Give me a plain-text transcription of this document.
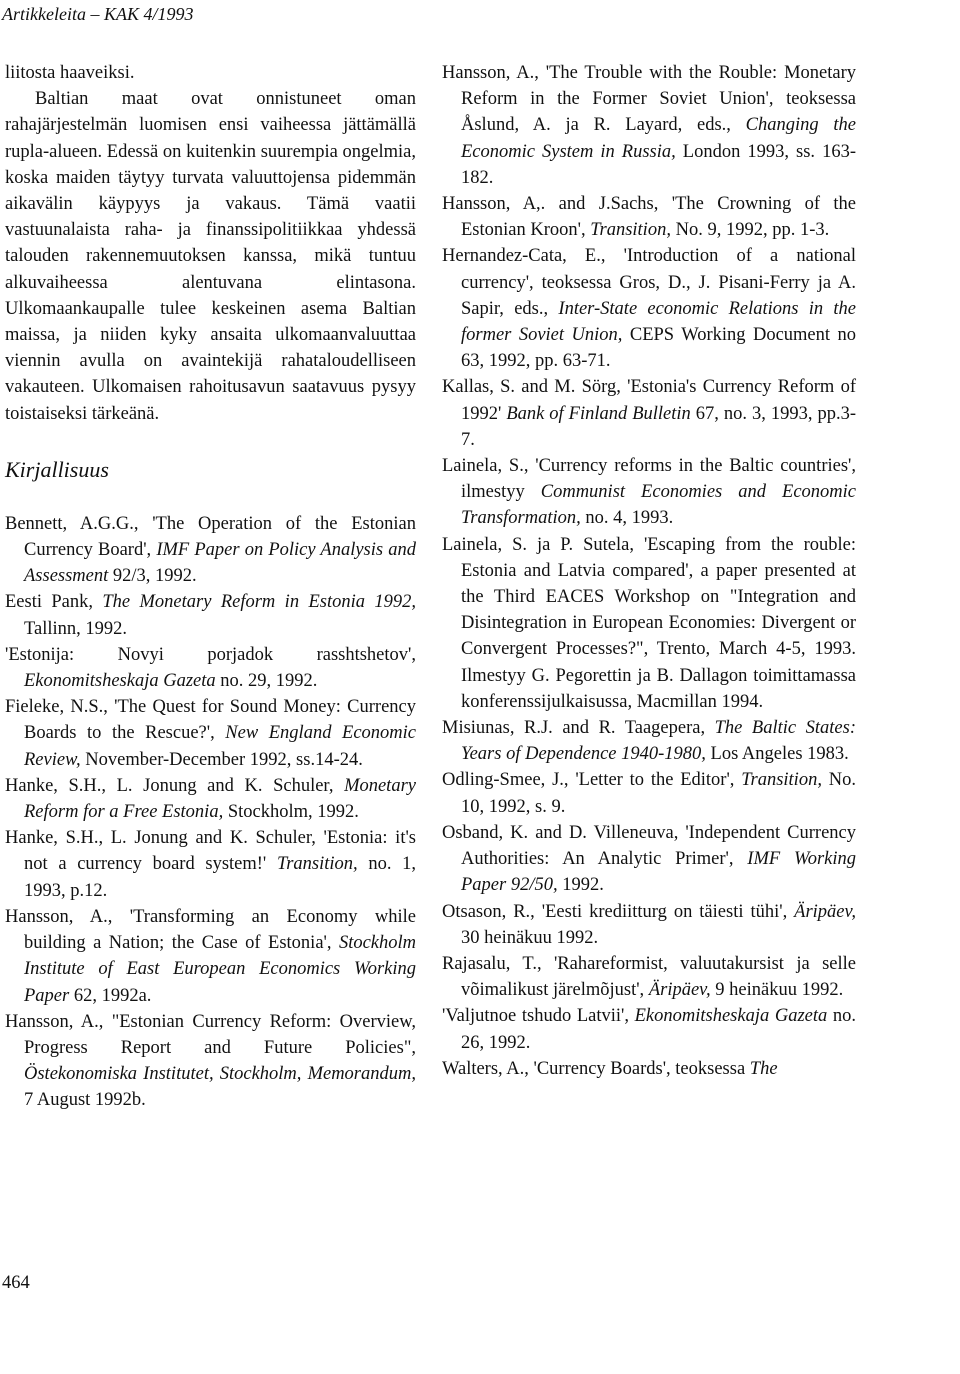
Artikkeleita – KAK 4/1993

liitosta haaveiksi.

Baltian maat ovat onnistuneet oman rahajärjestelmän luomisen ensi vaiheessa jättämällä rupla-alueen. Edessä on kuitenkin suurempia ongelmia, koska maiden täytyy turvata valuuttojensa pidemmän aikavälin käypyys ja vakaus. Tämä vaatii vastuunalaista raha- ja finanssipolitiikkaa yhdessä talouden rakennemuutoksen kanssa, mikä tuntuu alkuvaiheessa alentuvana elintasona. Ulkomaankaupalle tulee keskeinen asema Baltian maissa, ja niiden kyky ansaita ulkomaanvaluuttaa viennin avulla on avaintekijä rahataloudelliseen vakauteen. Ulkomaisen rahoitusavun saatavuus pysyy toistaiseksi tärkeänä.

Kirjallisuus

Bennett, A.G.G., 'The Operation of the Estonian Currency Board', IMF Paper on Policy Analysis and Assessment 92/3, 1992.

Eesti Pank, The Monetary Reform in Estonia 1992, Tallinn, 1992.

'Estonija: Novyi porjadok rasshtshetov', Ekonomitsheskaja Gazeta no. 29, 1992.

Fieleke, N.S., 'The Quest for Sound Money: Currency Boards to the Rescue?', New England Economic Review, November-December 1992, ss.14-24.

Hanke, S.H., L. Jonung and K. Schuler, Monetary Reform for a Free Estonia, Stockholm, 1992.

Hanke, S.H., L. Jonung and K. Schuler, 'Estonia: it's not a currency board system!' Transition, no. 1, 1993, p.12.

Hansson, A., 'Transforming an Economy while building a Nation; the Case of Estonia', Stockholm Institute of East European Economics Working Paper 62, 1992a.

Hansson, A., "Estonian Currency Reform: Overview, Progress Report and Future Policies", Östekonomiska Institutet, Stockholm, Memorandum, 7 August 1992b.

Hansson, A., 'The Trouble with the Rouble: Monetary Reform in the Former Soviet Union', teoksessa Åslund, A. ja R. Layard, eds., Changing the Economic System in Russia, London 1993, ss. 163-182.

Hansson, A,. and J.Sachs, 'The Crowning of the Estonian Kroon', Transition, No. 9, 1992, pp. 1-3.

Hernandez-Cata, E., 'Introduction of a national currency', teoksessa Gros, D., J. Pisani-Ferry ja A. Sapir, eds., Inter-State economic Relations in the former Soviet Union, CEPS Working Document no 63, 1992, pp. 63-71.

Kallas, S. and M. Sörg, 'Estonia's Currency Reform of 1992' Bank of Finland Bulletin 67, no. 3, 1993, pp.3-7.

Lainela, S., 'Currency reforms in the Baltic countries', ilmestyy Communist Economies and Economic Transformation, no. 4, 1993.

Lainela, S. ja P. Sutela, 'Escaping from the rouble: Estonia and Latvia compared', a paper presented at the Third EACES Workshop on "Integration and Disintegration in European Economies: Divergent or Convergent Processes?", Trento, March 4-5, 1993. Ilmestyy G. Pegorettin ja B. Dallagon toimittamassa konferenssijulkaisussa, Macmillan 1994.

Misiunas, R.J. and R. Taagepera, The Baltic States: Years of Dependence 1940-1980, Los Angeles 1983.

Odling-Smee, J., 'Letter to the Editor', Transition, No. 10, 1992, s. 9.

Osband, K. and D. Villeneuva, 'Independent Currency Authorities: An Analytic Primer', IMF Working Paper 92/50, 1992.

Otsason, R., 'Eesti krediitturg on täiesti tühi', Äripäev, 30 heinäkuu 1992.

Rajasalu, T., 'Rahareformist, valuutakursist ja selle võimalikust järelmõjust', Äripäev, 9 heinäkuu 1992.

'Valjutnoe tshudo Latvii', Ekonomitsheskaja Gazeta no. 26, 1992.

Walters, A., 'Currency Boards', teoksessa The

464
